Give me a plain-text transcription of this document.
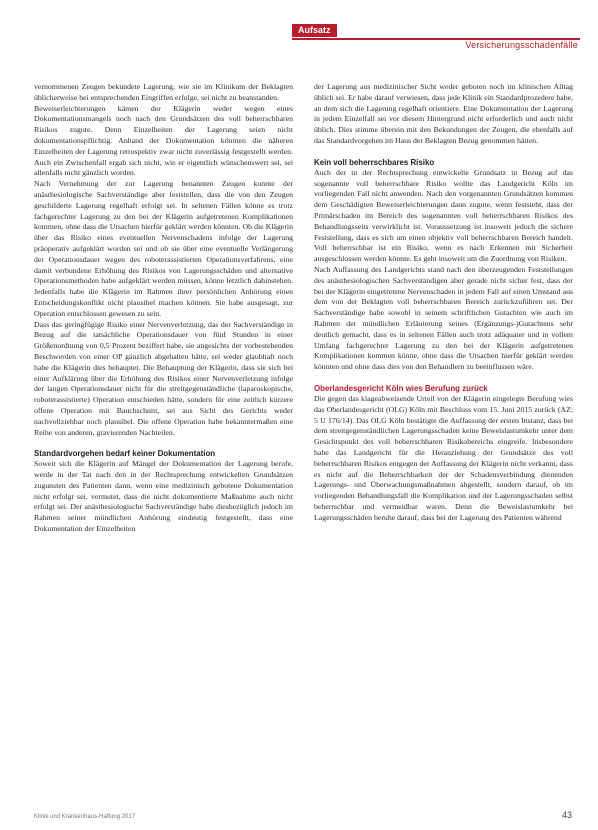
Aufsatz
Versicherungsschadenfälle

vernommenen Zeugen bekundete Lagerung, wie sie im Klinikum der Beklagten üblicherweise bei entsprechenden Eingriffen erfolge, sei nicht zu beanstanden.

Beweiserleichterungen kämen der Klägerin weder wegen eines Dokumentationsmangels noch nach den Grundsätzen des voll beherrschbaren Risikos zugute. Denn Einzelheiten der Lagerung seien nicht dokumentationspflichtig. Anhand der Dokumentation könnten die näheren Einzelheiten der Lagerung retrospektiv zwar nicht zuverlässig festgestellt werden. Auch ein Zwischenfall ergab sich nicht, wie er eigentlich wünschenswert sei, sei allenfalls nicht gänzlich worden.

Nach Vernehmung der zur Lagerung benannten Zeugen konnte der anästhesiologische Sachverständige aber feststellen, dass die von den Zeugen geschilderte Lagerung regelhaft erfolgt sei. In seltenen Fällen könne es trotz fachgerechter Lagerung zu den bei der Klägerin aufgetretenen Komplikationen kommen, ohne dass die Ursachen hierfür geklärt werden könnten. Ob die Klägerin über das Risiko eines eventuellen Nervenschadens infolge der Lagerung präoperativ aufgeklärt worden sei und ob sie über eine eventuelle Verlängerung der Operationsdauer wegen des roboterassistierten Operationsverfahrens, eine damit verbundene Erhöhung des Risikos von Lagerungsschäden und alternative Operationsmethoden habe aufgeklärt werden müssen, könne letztlich dahinstehen. Jedenfalls habe die Klägerin im Rahmen ihrer persönlichen Anhörung einen Entscheidungskonflikt nicht plausibel machen können. Sie habe ausgesagt, zur Operation entschlossen gewesen zu sein.

Dass das geringfügige Risiko einer Nervenverletzung, das der Sachverständige in Bezug auf die tatsächliche Operationsdauer von fünf Stunden in einer Größenordnung von 0,5 Prozent beziffert habe, sie angesichts der vorbestehenden Beschwerden von einer OP gänzlich abgehalten hätte, sei weder glaubhaft noch habe die Klägerin dies behauptet. Die Behauptung der Klägerin, dass sie sich bei einer Aufklärung über die Erhöhung des Risikos einer Nervenverletzung infolge der langen Operationsdauer nicht für die streitgegenständliche (laparoskopische, roboterassistierte) Operation entschieden hätte, sondern für eine zeitlich kürzere offene Operation mit Bauchschnitt, sei aus Sicht des Gerichts weder nachvollziehbar noch plausibel. Die offene Operation habe bekanntermaßen eine Reihe von anderen, gravierenden Nachteilen.

Standardvorgehen bedarf keiner Dokumentation

Soweit sich die Klägerin auf Mängel der Dokumentation der Lagerung berufe, werde in der Tat nach den in der Rechtsprechung entwickelten Grundsätzen zugunsten des Patienten dann, wenn eine medizinisch gebotene Dokumentation nicht erfolgt sei, vermutet, dass die nicht dokumentierte Maßnahme auch nicht erfolgt sei. Der anästhesiologische Sachverständige habe diesbezüglich jedoch im Rahmen seiner mündlichen Anhörung eindeutig festgestellt, dass eine Dokumentation der Einzelheiten

der Lagerung aus medizinischer Sicht weder geboten noch im klinischen Alltag üblich sei. Er habe darauf verwiesen, dass jede Klinik ein Standardprozedere habe, an dem sich die Lagerung regelhaft orientiere. Eine Dokumentation der Lagerung in jedem Einzelfall sei vor diesem Hintergrund nicht erforderlich und auch nicht üblich. Dies stimme überein mit den Bekundungen der Zeugen, die ebenfalls auf das Standardvorgehen im Haus der Beklagten Bezug genommen hätten.

Kein voll beherrschbares Risiko

Auch der in der Rechtsprechung entwickelte Grundsatz in Bezug auf das sogenannte voll beherrschbare Risiko wollte das Landgericht Köln im vorliegenden Fall nicht anwenden. Nach den vorgenannten Grundsätzen kommen dem Geschädigten Beweiserleichterungen dann zugute, wenn feststeht, dass der Primärschaden im Bereich des sogenannten voll beherrschbaren Risikos des Behandlungsseits verwirklicht ist. Voraussetzung ist insoweit jedoch die sichere Feststellung, dass es sich um einen objektiv voll beherrschbaren Bereich handelt. Voll beherrschbar ist ein Risiko, wenn es nach Erkennen mit Sicherheit ausgeschlossen werden könnte. Es geht insoweit um die Zuordnung von Risiken.

Nach Auffassung des Landgerichts stand nach den überzeugenden Feststellungen des anästhesiologischen Sachverständigen aber gerade nicht sicher fest, dass der bei der Klägerin eingetretene Nervenschaden in jedem Fall auf einen Umstand aus dem von der Beklagten voll beherrschbaren Bereich zurückzuführen sei. Der Sachverständige habe sowohl in seinem schriftlichen Gutachten wie auch im Rahmen der mündlichen Erläuterung seines (Ergänzungs-)Gutachtens sehr deutlich gemacht, dass es in seltenen Fällen auch trotz adäquater und in vollem Umfang fachgerechter Lagerung zu den bei der Klägerin aufgetretenen Komplikationen kommen könne, ohne dass die Ursachen hierfür geklärt werden könnten und ohne dass dies von den Behandlern zu beeinflussen wäre.

Oberlandesgericht Köln wies Berufung zurück

Die gegen das klageabweisende Urteil von der Klägerin eingelegte Berufung wies das Oberlandesgericht (OLG) Köln mit Beschluss vom 15. Juni 2015 zurück (AZ: 5 U 176/14). Das OLG Köln bestätigte die Auffassung der ersten Instanz, dass bei dem streitgegenständlichen Lagerungsschaden keine Beweislastumkehr unter dem Gesichtspunkt des voll beherrschbaren Risikobereichs eingreife. Insbesondere habe das Landgericht für die Heranziehung der Grundsätze des voll beherrschbaren Risikos entgegen der Auffassung der Klägerin nicht verkannt, dass es nicht auf die Beherrschbarkeit der der Schadensverbindung dienenden Lagerungs- und Überwachungsmaßnahmen abgestellt, sondern darauf, ob im vorliegenden Behandlungsfall die Komplikation und der Lagerungsschaden selbst beherrschbar und vermeidbar waren. Denn die Beweislastumkehr bei Lagerungsschäden beruhe darauf, dass bei der Lagerung des Patienten während

Klinik und Krankenhaus-Haftung 2017	43
